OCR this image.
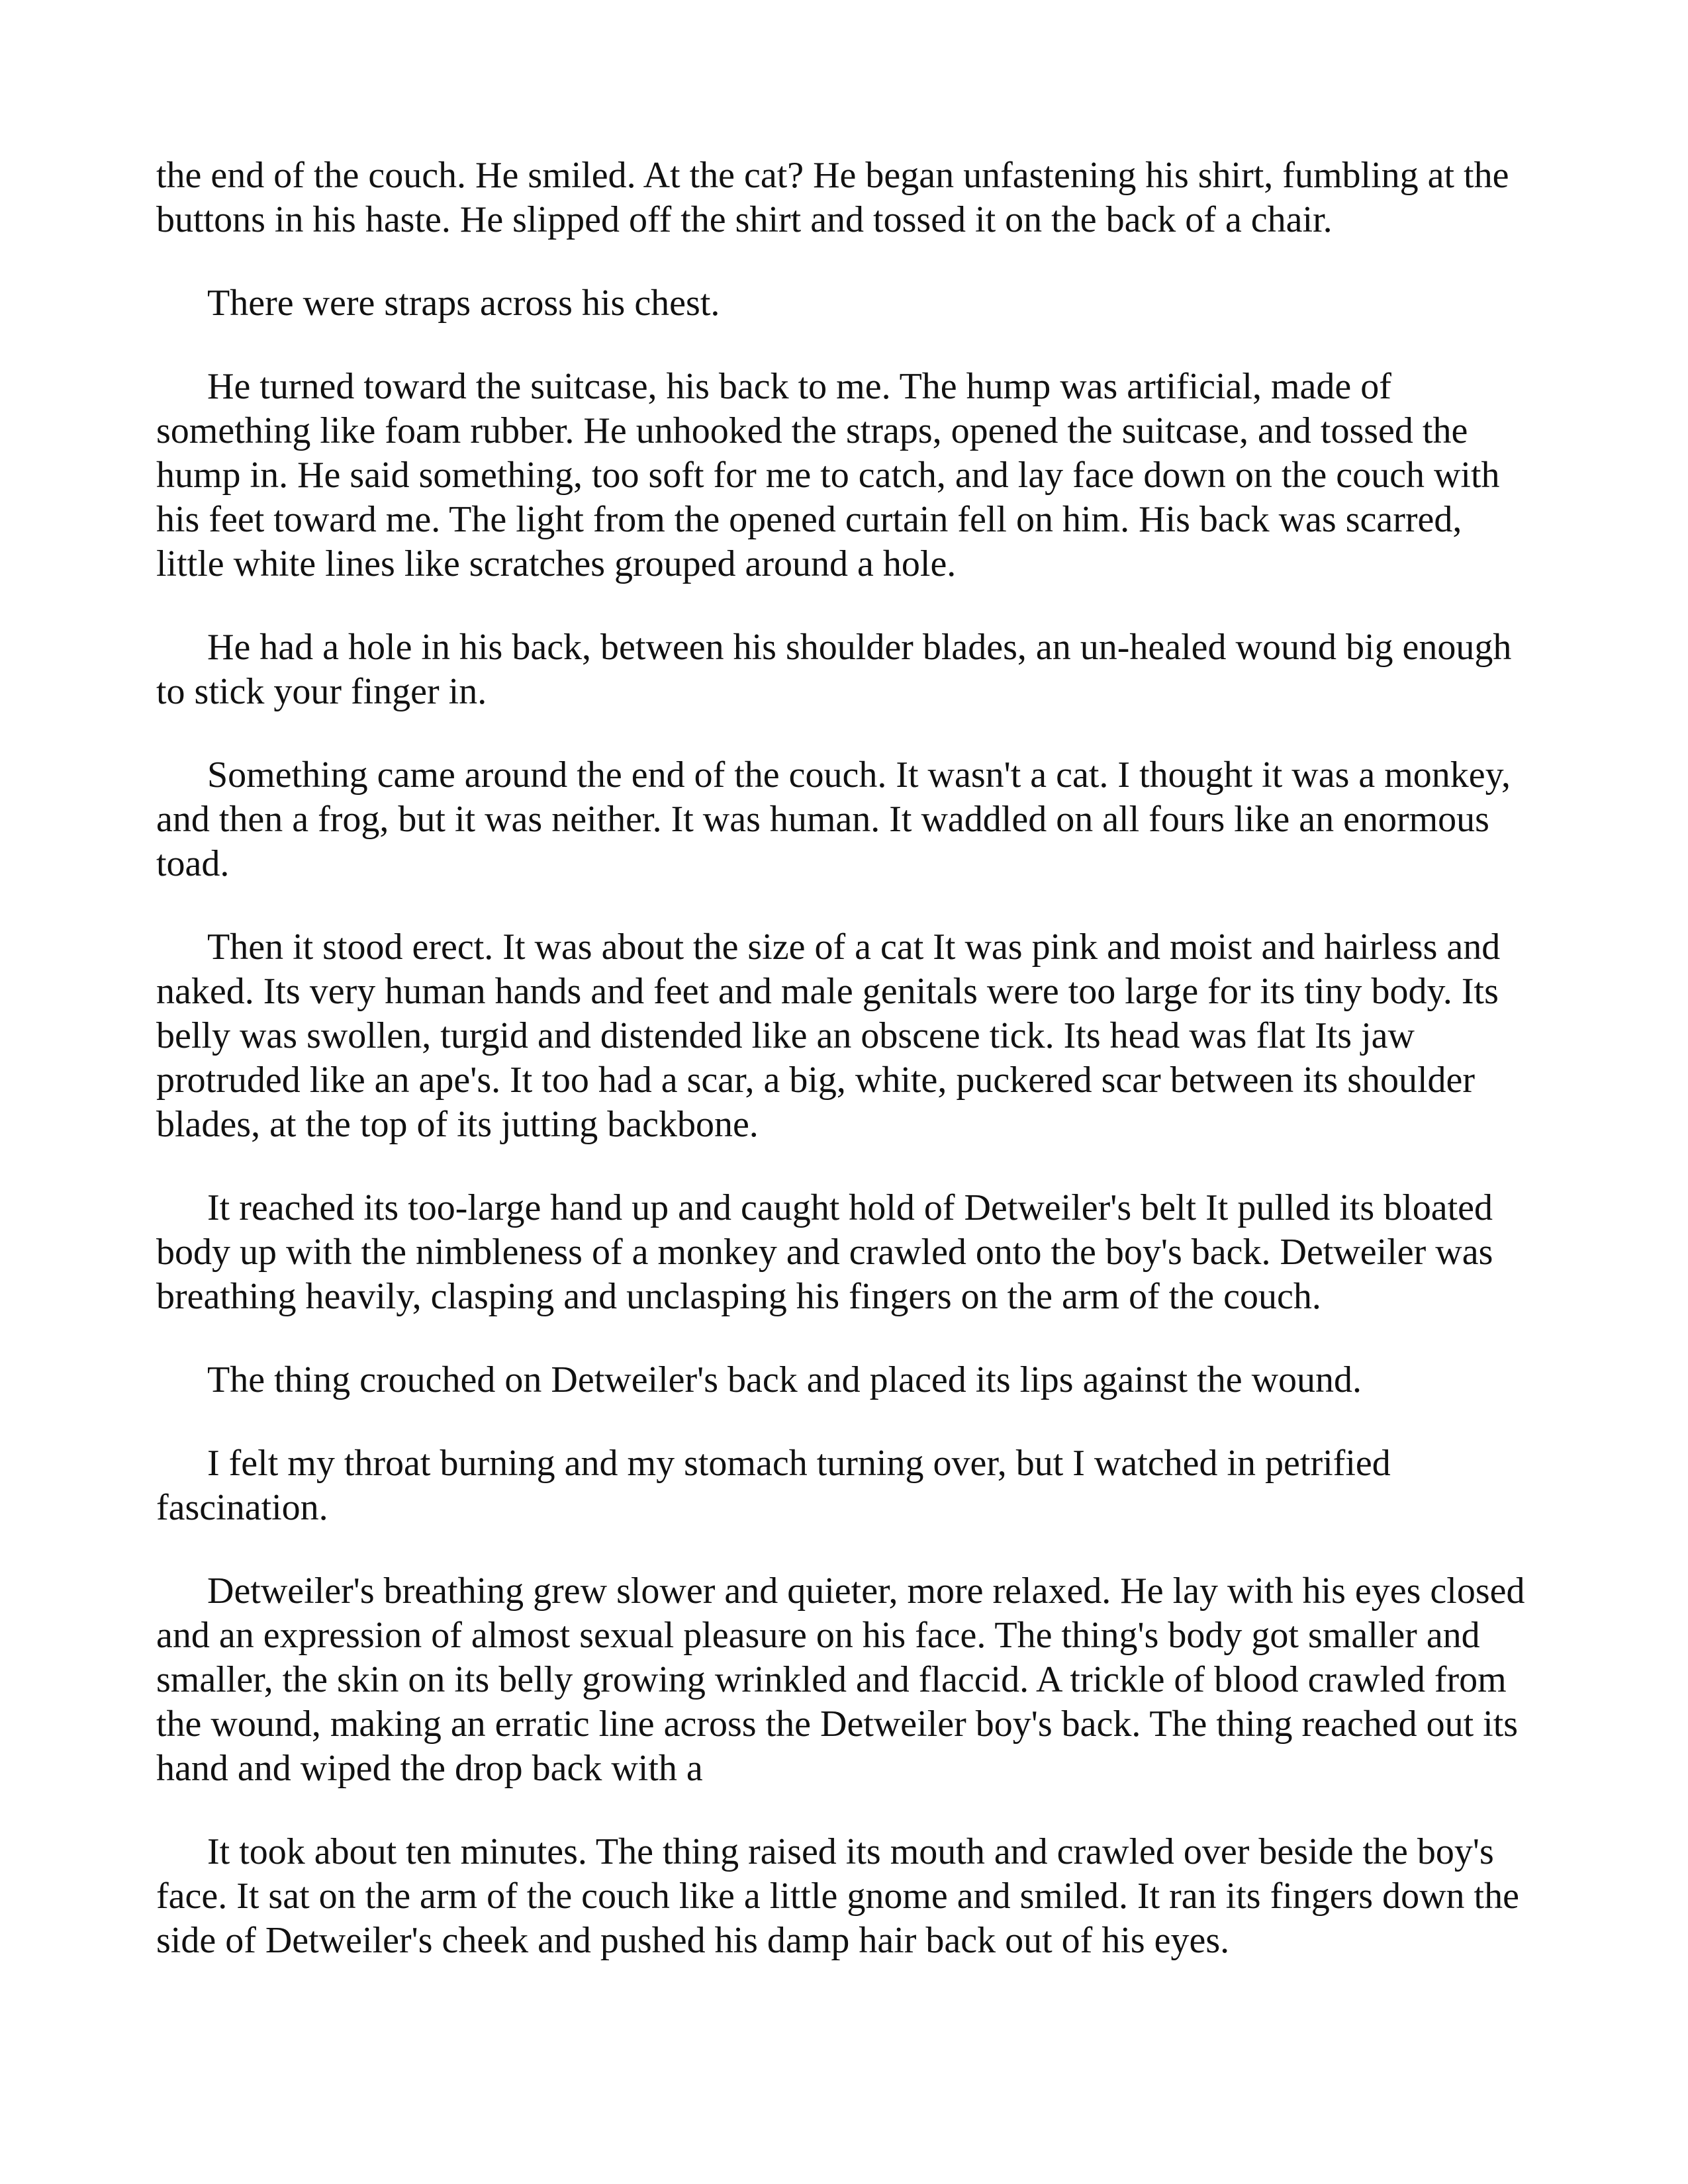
the end of the couch. He smiled. At the cat? He began unfastening his shirt, fumbling at the buttons in his haste. He slipped off the shirt and tossed it on the back of a chair.

There were straps across his chest.

He turned toward the suitcase, his back to me. The hump was artificial, made of something like foam rubber. He unhooked the straps, opened the suitcase, and tossed the hump in. He said something, too soft for me to catch, and lay face down on the couch with his feet toward me. The light from the opened curtain fell on him. His back was scarred, little white lines like scratches grouped around a hole.

He had a hole in his back, between his shoulder blades, an un-healed wound big enough to stick your finger in.

Something came around the end of the couch. It wasn't a cat. I thought it was a monkey, and then a frog, but it was neither. It was human. It waddled on all fours like an enormous toad.

Then it stood erect. It was about the size of a cat It was pink and moist and hairless and naked. Its very human hands and feet and male genitals were too large for its tiny body. Its belly was swollen, turgid and distended like an obscene tick. Its head was flat Its jaw protruded like an ape's. It too had a scar, a big, white, puckered scar between its shoulder blades, at the top of its jutting backbone.

It reached its too-large hand up and caught hold of Detweiler's belt It pulled its bloated body up with the nimbleness of a monkey and crawled onto the boy's back. Detweiler was breathing heavily, clasping and unclasping his fingers on the arm of the couch.

The thing crouched on Detweiler's back and placed its lips against the wound.

I felt my throat burning and my stomach turning over, but I watched in petrified fascination.

Detweiler's breathing grew slower and quieter, more relaxed. He lay with his eyes closed and an expression of almost sexual pleasure on his face. The thing's body got smaller and smaller, the skin on its belly growing wrinkled and flaccid. A trickle of blood crawled from the wound, making an erratic line across the Detweiler boy's back. The thing reached out its hand and wiped the drop back with a

It took about ten minutes. The thing raised its mouth and crawled over beside the boy's face. It sat on the arm of the couch like a little gnome and smiled. It ran its fingers down the side of Detweiler's cheek and pushed his damp hair back out of his eyes.
